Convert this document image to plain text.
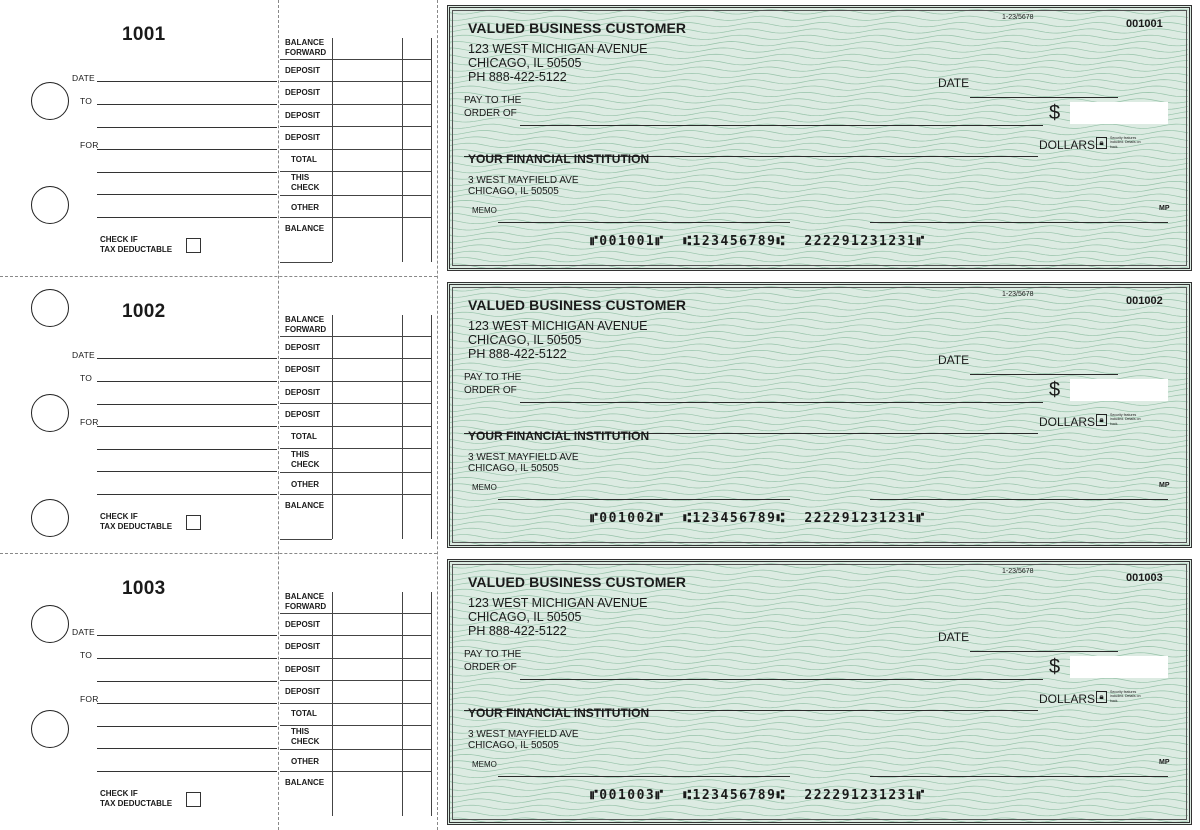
1001
DATE
TO
FOR
CHECK IF
TAX DEDUCTABLE
BALANCE
FORWARD
DEPOSIT
DEPOSIT
DEPOSIT
DEPOSIT
TOTAL
THIS
CHECK
OTHER
BALANCE
VALUED BUSINESS CUSTOMER
123 WEST MICHIGAN AVENUE
CHICAGO, IL 50505
PH 888-422-5122
1-23/5678
001001
DATE
PAY TO THE
ORDER OF	$
DOLLARS 🔒︎	Security features included. Details on back.
YOUR FINANCIAL INSTITUTION
3 WEST MAYFIELD AVE
CHICAGO, IL 50505
MEMO	MP
⑈001001⑈  ⑆123456789⑆  222291231231⑈
1002
DATE
TO
FOR
CHECK IF
TAX DEDUCTABLE
BALANCE
FORWARD
DEPOSIT
DEPOSIT
DEPOSIT
DEPOSIT
TOTAL
THIS
CHECK
OTHER
BALANCE
VALUED BUSINESS CUSTOMER
123 WEST MICHIGAN AVENUE
CHICAGO, IL 50505
PH 888-422-5122
1-23/5678
001002
DATE
PAY TO THE
ORDER OF	$
DOLLARS 🔒︎	Security features included. Details on back.
YOUR FINANCIAL INSTITUTION
3 WEST MAYFIELD AVE
CHICAGO, IL 50505
MEMO	MP
⑈001002⑈  ⑆123456789⑆  222291231231⑈
1003
DATE
TO
FOR
CHECK IF
TAX DEDUCTABLE
BALANCE
FORWARD
DEPOSIT
DEPOSIT
DEPOSIT
DEPOSIT
TOTAL
THIS
CHECK
OTHER
BALANCE
VALUED BUSINESS CUSTOMER
123 WEST MICHIGAN AVENUE
CHICAGO, IL 50505
PH 888-422-5122
1-23/5678
001003
DATE
PAY TO THE
ORDER OF	$
DOLLARS 🔒︎	Security features included. Details on back.
YOUR FINANCIAL INSTITUTION
3 WEST MAYFIELD AVE
CHICAGO, IL 50505
MEMO	MP
⑈001003⑈  ⑆123456789⑆  222291231231⑈
